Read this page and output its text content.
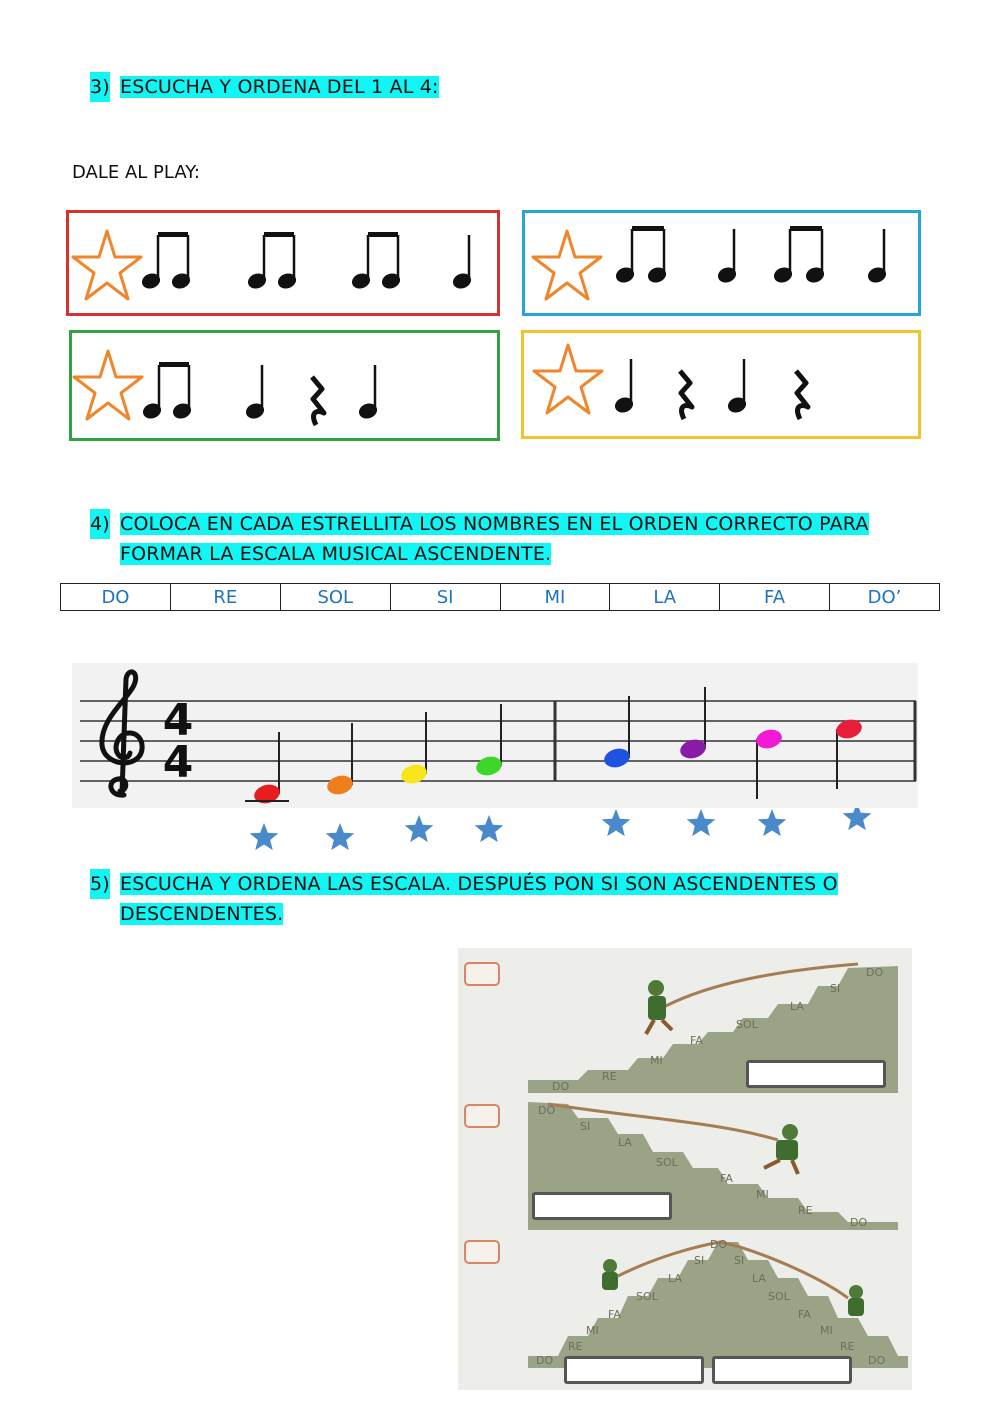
3) ESCUCHA Y ORDENA DEL 1 AL 4:
DALE AL PLAY:
4) COLOCA EN CADA ESTRELLITA LOS NOMBRES EN EL ORDEN CORRECTO PARA
FORMAR LA ESCALA MUSICAL ASCENDENTE.
DO	RE	SOL	SI	MI	LA	FA	DO’
4
4
5) ESCUCHA Y ORDENA LAS ESCALA. DESPUÉS PON SI SON ASCENDENTES O
DESCENDENTES.
DO
RE
MI
FA
SOL
LA
SI
DO
DO
SI
LA
SOL
FA
MI
RE
DO
DO
RE
MI
FA
SOL
LA
SI
DO
SI
LA
SOL
FA
MI
RE
DO
